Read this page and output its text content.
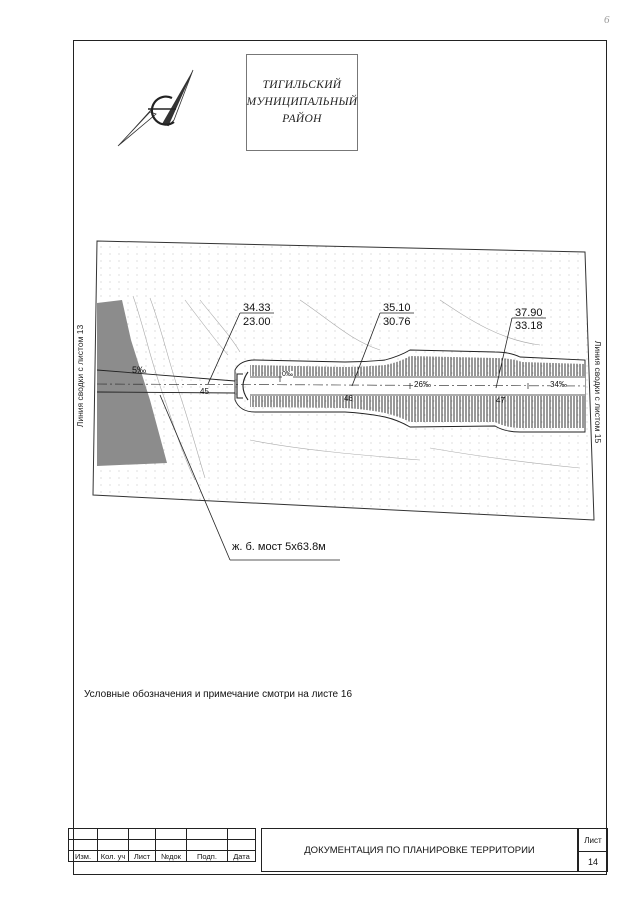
6
ТИГИЛЬСКИЙ
МУНИЦИПАЛЬНЫЙ
РАЙОН
Линия сводки с листом 13	Линия сводки с листом 15
34.33
23.00
35.10
30.76
37.90
33.18
45
46	47
5‰	0‰
26‰	34‰
ж. б. мост 5х63.8м
Условные обозначения и примечание смотри на листе 16

Изм.	Кол. уч	Лист	№док	Подп.	Дата
ДОКУМЕНТАЦИЯ ПО ПЛАНИРОВКЕ ТЕРРИТОРИИ
Лист
14
